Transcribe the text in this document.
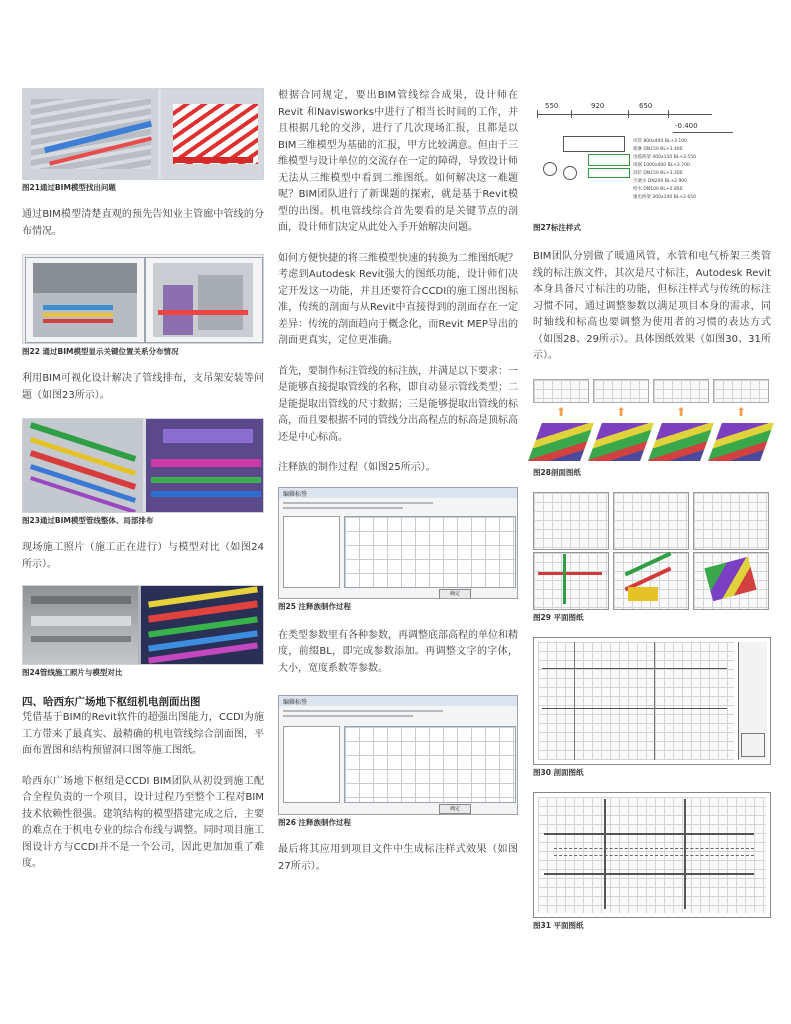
图21通过BIM模型找出问题

通过BIM模型清楚直观的预先告知业主管廊中管线的分布情况。

图22 通过BIM模型显示关键位置关系分布情况

利用BIM可视化设计解决了管线排布，支吊架安装等问题（如图23所示）。

图23通过BIM模型管线整体、局部排布

现场施工照片（施工正在进行）与模型对比（如图24所示）。

图24管线施工照片与模型对比

四、哈西东广场地下枢纽机电剖面出图

凭借基于BIM的Revit软件的超强出图能力，CCDI为施工方带来了最真实、最精确的机电管线综合剖面图，平面布置图和结构预留洞口图等施工图纸。

哈西东广场地下枢纽是CCDI BIM团队从初设到施工配合全程负责的一个项目，设计过程乃至整个工程对BIM技术依赖性很强。建筑结构的模型搭建完成之后，主要的难点在于机电专业的综合布线与调整。同时项目施工图设计方与CCDI并不是一个公司，因此更加加重了难度。

根据合同规定，要出BIM管线综合成果，设计师在Revit 和Navisworks中进行了相当长时间的工作，并且根据几轮的交涉，进行了几次现场汇报，且都是以BIM三维模型为基础的汇报，甲方比较满意。但由于三维模型与设计单位的交流存在一定的障碍，导致设计师无法从三维模型中看到二维图纸。如何解决这一难题呢？BIM团队进行了新课题的探索，就是基于Revit模型的出图。机电管线综合首先要看的是关键节点的剖面，设计师们决定从此处入手开始解决问题。

如何方便快捷的将三维模型快速的转换为二维图纸呢？考虑到Autodesk Revit强大的图纸功能，设计师们决定开发这一功能，并且还要符合CCDI的施工图出图标准，传统的剖面与从Revit中直接得到的剖面存在一定差异：传统的剖面趋向于概念化，而Revit MEP导出的剖面更真实，定位更准确。

首先，要制作标注管线的标注族，并满足以下要求：一是能够直接提取管线的名称，即自动显示管线类型；二是能提取出管线的尺寸数据；三是能够提取出管线的标高，而且要根据不同的管线分出高程点的标高是顶标高还是中心标高。

注释族的制作过程（如图25所示）。

编辑标签
确定

图25 注释族制作过程

在类型参数里有各种参数，再调整底部高程的单位和精度，前缀BL，即完成参数添加。再调整文字的字体，大小，宽度系数等参数。

编辑标签
确定

图26 注释族制作过程

最后将其应用到项目文件中生成标注样式效果（如图27所示）。

550	920	650
-0.400
风管 800x400 BL+3.100
喷淋 DN150 BL+3.400
电缆桥架 400x150 BL+3.550
排烟 1000x400 BL+3.700
消防 DN150 BL+3.200
空调水 DN200 BL+2.900
给水 DN100 BL+2.850
强电桥架 300x100 BL+2.650

图27标注样式

BIM团队分别做了暖通风管，水管和电气桥架三类管线的标注族文件，其次是尺寸标注，Autodesk Revit本身具备尺寸标注的功能，但标注样式与传统的标注习惯不同，通过调整参数以满足项目本身的需求，同时轴线和标高也要调整为使用者的习惯的表达方式（如图28、29所示）。具体图纸效果（如图30、31所示）。

⬆	⬆	⬆	⬆

图28剖面图纸

图29 平面图纸

图30 剖面图纸

图31 平面图纸
